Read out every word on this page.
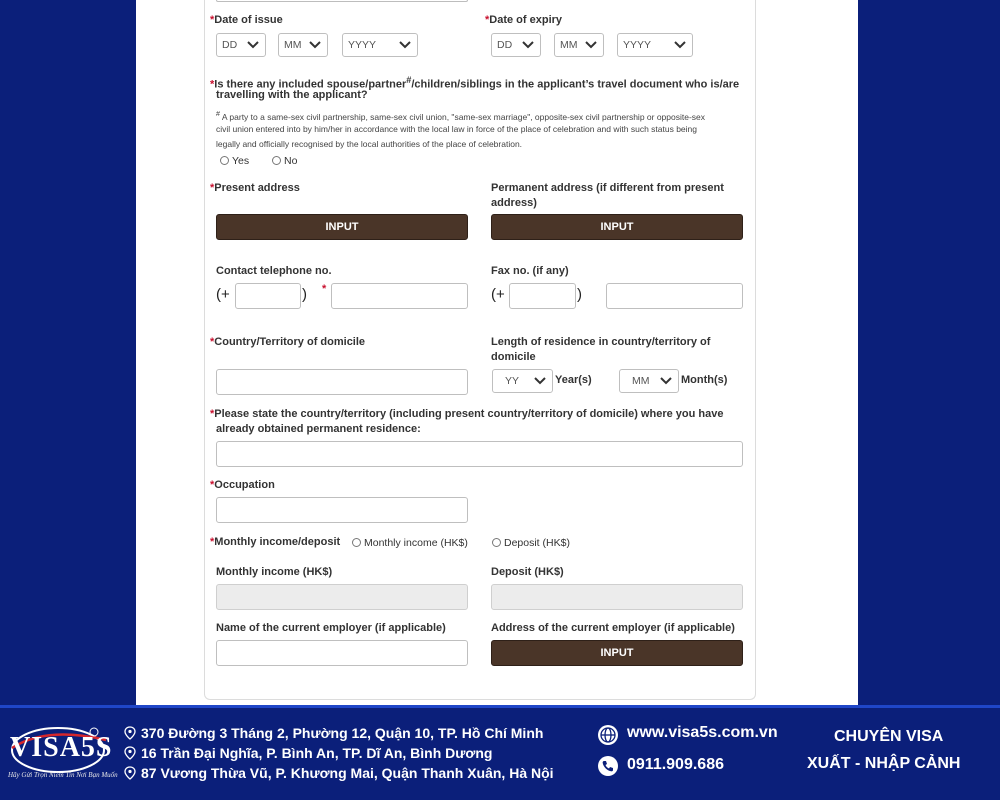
*Date of issue
DD	MM	YYYY
*Date of expiry
DD	MM	YYYY
*Is there any included spouse/partner#/children/siblings in the applicant’s travel document who is/are
travelling with the applicant?
# A party to a same-sex civil partnership, same-sex civil union, "same-sex marriage", opposite-sex civil partnership or opposite-sex
civil union entered into by him/her in accordance with the local law in force of the place of celebration and with such status being
legally and officially recognised by the local authorities of the place of celebration.
Yes	No
*Present address	Permanent address (if different from present
address)
INPUT	INPUT
Contact telephone no.
(+	) *
Fax no. (if any)
(+	)
*Country/Territory of domicile	Length of residence in country/territory of
domicile
YY	Year(s)	MM	Month(s)
*Please state the country/territory (including present country/territory of domicile) where you have
already obtained permanent residence:
*Occupation
*Monthly income/deposit	Monthly income (HK$)	Deposit (HK$)
Monthly income (HK$)	Deposit (HK$)
Name of the current employer (if applicable)	Address of the current employer (if applicable)
INPUT
VISA5S
Hãy Gửi Trọn Niềm Tin Nơi Bạn Muốn
370 Đường 3 Tháng 2, Phường 12, Quận 10, TP. Hồ Chí Minh
16 Trần Đại Nghĩa, P. Bình An, TP. Dĩ An, Bình Dương
87 Vương Thừa Vũ, P. Khương Mai, Quận Thanh Xuân, Hà Nội
www.visa5s.com.vn
0911.909.686
CHUYÊN VISA
XUẤT - NHẬP CẢNH
